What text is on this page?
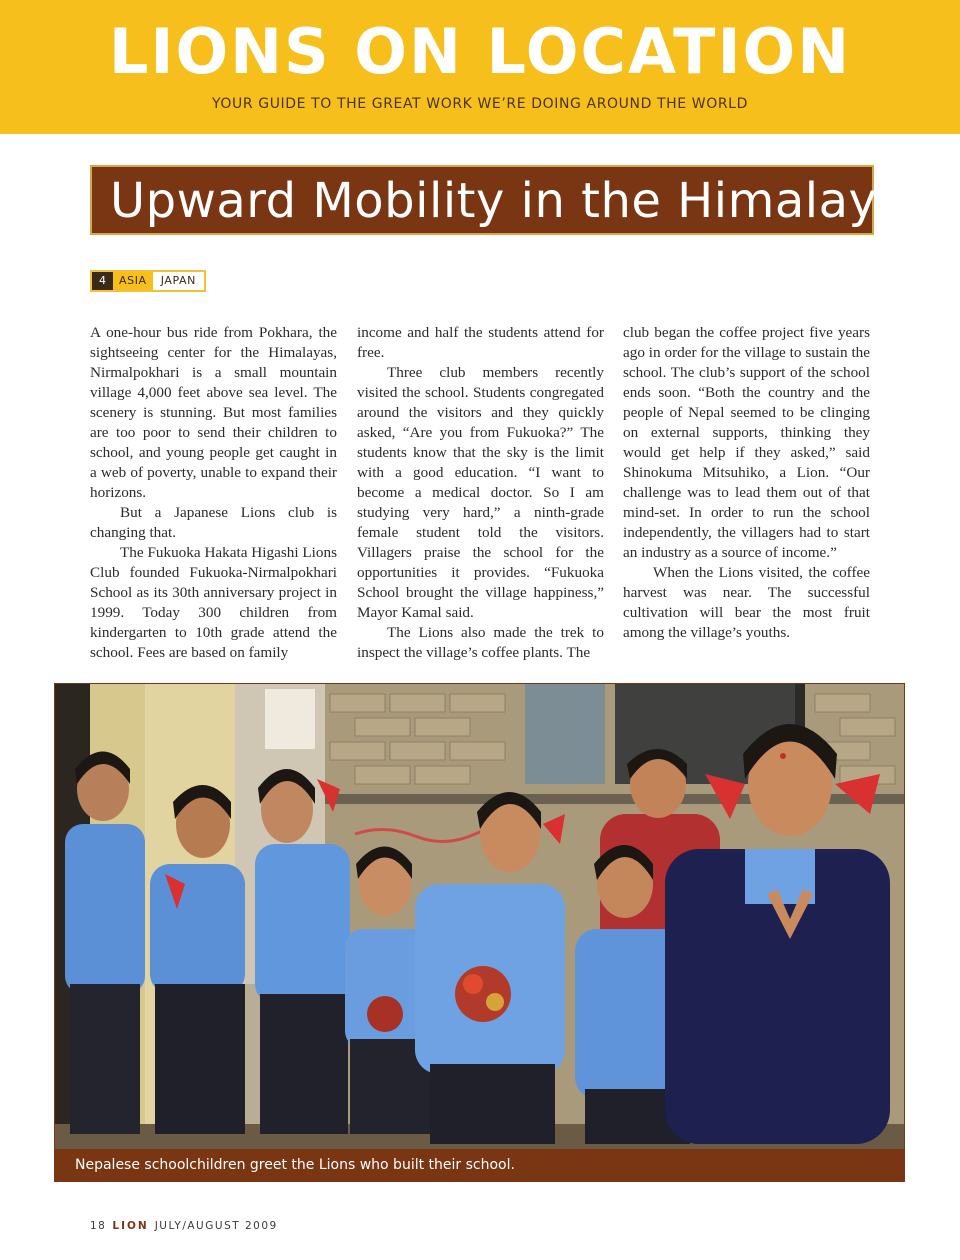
LIONS ON LOCATION
YOUR GUIDE TO THE GREAT WORK WE’RE DOING AROUND THE WORLD
Upward Mobility in the Himalayas
4	ASIA	JAPAN

A one-hour bus ride from Pokhara, the sightseeing center for the Himalayas, Nirmalpokhari is a small mountain village 4,000 feet above sea level. The scenery is stunning. But most families are too poor to send their children to school, and young people get caught in a web of poverty, unable to expand their horizons.

But a Japanese Lions club is changing that.

The Fukuoka Hakata Higashi Lions Club founded Fukuoka-Nirmalpokhari School as its 30th anniversary project in 1999. Today 300 children from kindergarten to 10th grade attend the school. Fees are based on family

income and half the students attend for free.

Three club members recently visited the school. Students congregated around the visitors and they quickly asked, “Are you from Fukuoka?” The students know that the sky is the limit with a good education. “I want to become a medical doctor. So I am studying very hard,” a ninth-grade female student told the visitors. Villagers praise the school for the opportunities it provides. “Fukuoka School brought the village happiness,” Mayor Kamal said.

The Lions also made the trek to inspect the village’s coffee plants. The

club began the coffee project five years ago in order for the village to sustain the school. The club’s support of the school ends soon. “Both the country and the people of Nepal seemed to be clinging on external supports, thinking they would get help if they asked,” said Shinokuma Mitsuhiko, a Lion. “Our challenge was to lead them out of that mind-set. In order to run the school independently, the villagers had to start an industry as a source of income.”

When the Lions visited, the coffee harvest was near. The successful cultivation will bear the most fruit among the village’s youths.

Nepalese schoolchildren greet the Lions who built their school.
18 LION JULY/AUGUST 2009
